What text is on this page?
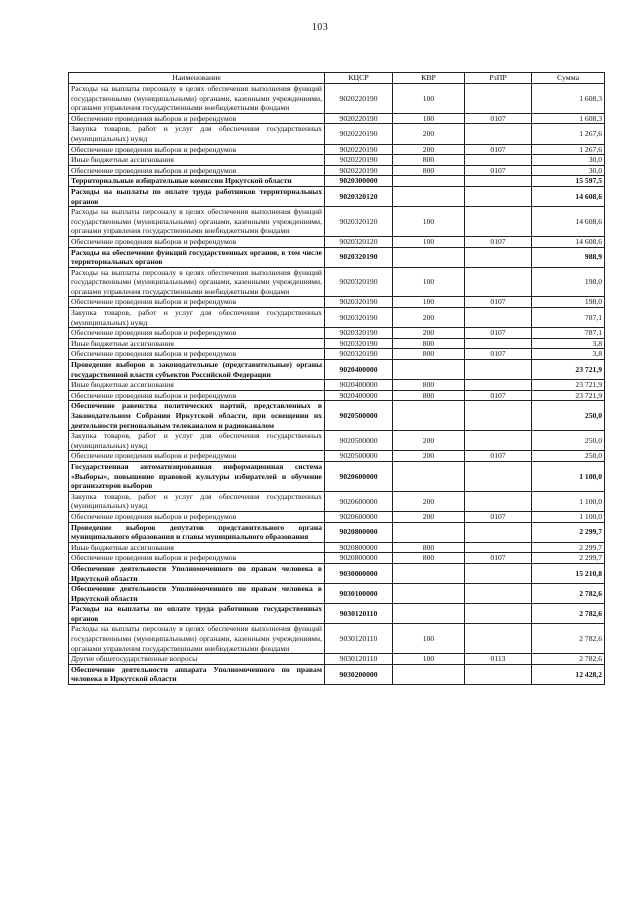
103
Наименование	КЦСР	КВР	РзПР	Сумма
Расходы на выплаты персоналу в целях обеспечения выполнения функций государственными (муниципальными) органами, казенными учреждениями, органами управления государственными внебюджетными фондами	9020220190	100		1 608,3
Обеспечение проведения выборов и референдумов	9020220190	100	0107	1 608,3
Закупка товаров, работ и услуг для обеспечения государственных (муниципальных) нужд	9020220190	200		1 267,6
Обеспечение проведения выборов и референдумов	9020220190	200	0107	1 267,6
Иные бюджетные ассигнования	9020220190	800		30,0
Обеспечение проведения выборов и референдумов	9020220190	800	0107	30,0
Территориальные избирательные комиссии Иркутской области	9020300000			15 597,5
Расходы на выплаты по оплате труда работников территориальных органов	9020320120			14 608,6
Расходы на выплаты персоналу в целях обеспечения выполнения функций государственными (муниципальными) органами, казенными учреждениями, органами управления государственными внебюджетными фондами	9020320120	100		14 608,6
Обеспечение проведения выборов и референдумов	9020320120	100	0107	14 608,6
Расходы на обеспечение функций государственных органов, в том числе территориальных органов	9020320190			988,9
Расходы на выплаты персоналу в целях обеспечения выполнения функций государственными (муниципальными) органами, казенными учреждениями, органами управления государственными внебюджетными фондами	9020320190	100		198,0
Обеспечение проведения выборов и референдумов	9020320190	100	0107	198,0
Закупка товаров, работ и услуг для обеспечения государственных (муниципальных) нужд	9020320190	200		787,1
Обеспечение проведения выборов и референдумов	9020320190	200	0107	787,1
Иные бюджетные ассигнования	9020320190	800		3,8
Обеспечение проведения выборов и референдумов	9020320190	800	0107	3,8
Проведение выборов в законодательные (представительные) органы государственной власти субъектов Российской Федерации	9020400000			23 721,9
Иные бюджетные ассигнования	9020400000	800		23 721,9
Обеспечение проведения выборов и референдумов	9020400000	800	0107	23 721,9
Обеспечение равенства политических партий, представленных в Законодательном Собрании Иркутской области, при освещении их деятельности региональным телеканалом и радиоканалом	9020500000			250,0
Закупка товаров, работ и услуг для обеспечения государственных (муниципальных) нужд	9020500000	200		250,0
Обеспечение проведения выборов и референдумов	9020500000	200	0107	250,0
Государственная автоматизированная информационная система «Выборы», повышение правовой культуры избирателей и обучение организаторов выборов	9020600000			1 100,0
Закупка товаров, работ и услуг для обеспечения государственных (муниципальных) нужд	9020600000	200		1 100,0
Обеспечение проведения выборов и референдумов	9020600000	200	0107	1 100,0
Проведение выборов депутатов представительного органа муниципального образования и главы муниципального образования	9020800000			2 299,7
Иные бюджетные ассигнования	9020800000	800		2 299,7
Обеспечение проведения выборов и референдумов	9020800000	800	0107	2 299,7
Обеспечение деятельности Уполномоченного по правам человека в Иркутской области	9030000000			15 210,8
Обеспечение деятельности Уполномоченного по правам человека в Иркутской области	9030100000			2 782,6
Расходы на выплаты по оплате труда работников государственных органов	9030120110			2 782,6
Расходы на выплаты персоналу в целях обеспечения выполнения функций государственными (муниципальными) органами, казенными учреждениями, органами управления государственными внебюджетными фондами	9030120110	100		2 782,6
Другие общегосударственные вопросы	9030120110	100	0113	2 782,6
Обеспечение деятельности аппарата Уполномоченного по правам человека в Иркутской области	9030200000			12 428,2
